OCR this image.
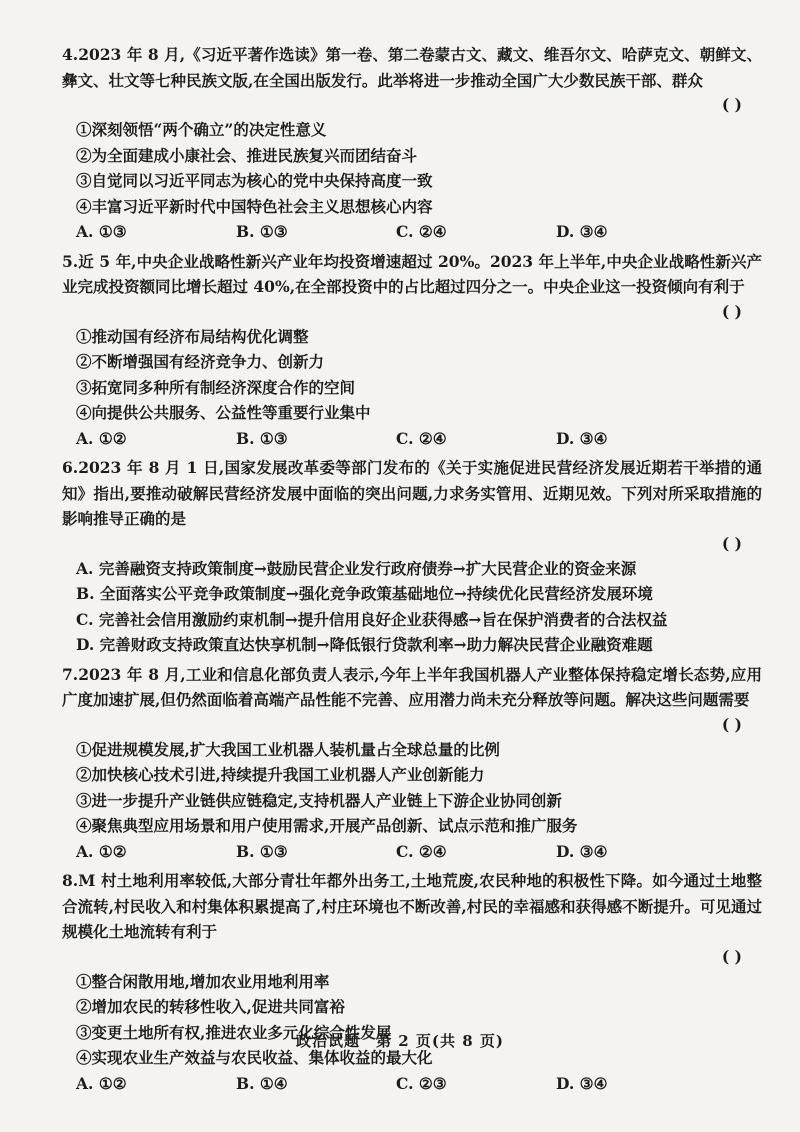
4.2023 年 8 月,《习近平著作选读》第一卷、第二卷蒙古文、藏文、维吾尔文、哈萨克文、朝鲜文、彝文、壮文等七种民族文版,在全国出版发行。此举将进一步推动全国广大少数民族干部、群众
( )
①深刻领悟“两个确立”的决定性意义
②为全面建成小康社会、推进民族复兴而团结奋斗
③自觉同以习近平同志为核心的党中央保持高度一致
④丰富习近平新时代中国特色社会主义思想核心内容
A. ①③	B. ①③	C. ②④	D. ③④
5.近 5 年,中央企业战略性新兴产业年均投资增速超过 20%。2023 年上半年,中央企业战略性新兴产业完成投资额同比增长超过 40%,在全部投资中的占比超过四分之一。中央企业这一投资倾向有利于
( )
①推动国有经济布局结构优化调整
②不断增强国有经济竞争力、创新力
③拓宽同多种所有制经济深度合作的空间
④向提供公共服务、公益性等重要行业集中
A. ①②	B. ①③	C. ②④	D. ③④
6.2023 年 8 月 1 日,国家发展改革委等部门发布的《关于实施促进民营经济发展近期若干举措的通知》指出,要推动破解民营经济发展中面临的突出问题,力求务实管用、近期见效。下列对所采取措施的影响推导正确的是
( )
A. 完善融资支持政策制度→鼓励民营企业发行政府债券→扩大民营企业的资金来源
B. 全面落实公平竞争政策制度→强化竞争政策基础地位→持续优化民营经济发展环境
C. 完善社会信用激励约束机制→提升信用良好企业获得感→旨在保护消费者的合法权益
D. 完善财政支持政策直达快享机制→降低银行贷款利率→助力解决民营企业融资难题
7.2023 年 8 月,工业和信息化部负责人表示,今年上半年我国机器人产业整体保持稳定增长态势,应用广度加速扩展,但仍然面临着高端产品性能不完善、应用潜力尚未充分释放等问题。解决这些问题需要
( )
①促进规模发展,扩大我国工业机器人装机量占全球总量的比例
②加快核心技术引进,持续提升我国工业机器人产业创新能力
③进一步提升产业链供应链稳定,支持机器人产业链上下游企业协同创新
④聚焦典型应用场景和用户使用需求,开展产品创新、试点示范和推广服务
A. ①②	B. ①③	C. ②④	D. ③④
8.M 村土地利用率较低,大部分青壮年都外出务工,土地荒废,农民种地的积极性下降。如今通过土地整合流转,村民收入和村集体积累提高了,村庄环境也不断改善,村民的幸福感和获得感不断提升。可见通过规模化土地流转有利于
( )
①整合闲散用地,增加农业用地利用率
②增加农民的转移性收入,促进共同富裕
③变更土地所有权,推进农业多元化综合性发展
④实现农业生产效益与农民收益、集体收益的最大化
A. ①②	B. ①④	C. ②③	D. ③④
政治试题　第 2 页(共 8 页)
